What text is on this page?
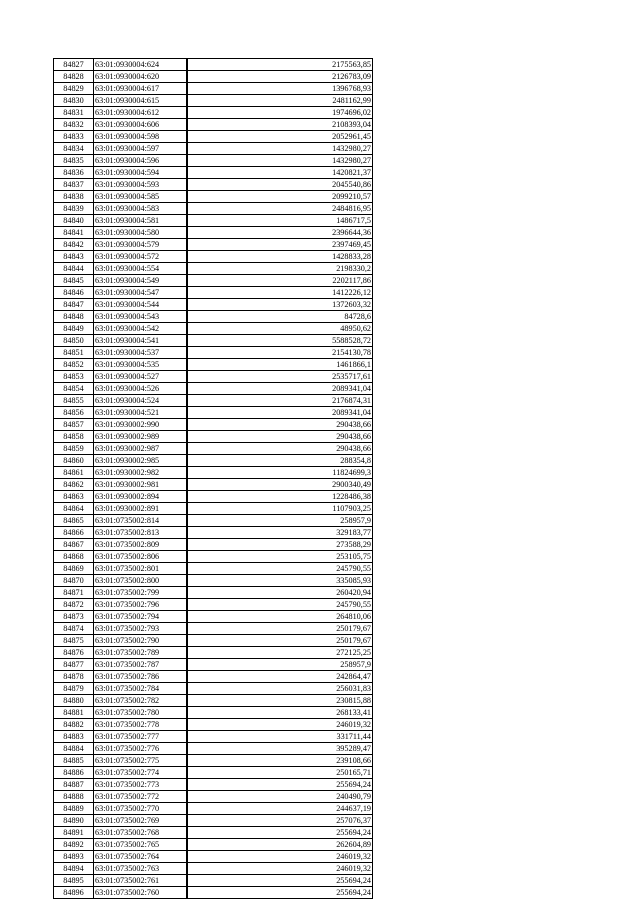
84827	63:01:0930004:624	2175563,85
84828	63:01:0930004:620	2126783,09
84829	63:01:0930004:617	1396768,93
84830	63:01:0930004:615	2481162,99
84831	63:01:0930004:612	1974696,02
84832	63:01:0930004:606	2108393,04
84833	63:01:0930004:598	2052961,45
84834	63:01:0930004:597	1432980,27
84835	63:01:0930004:596	1432980,27
84836	63:01:0930004:594	1420821,37
84837	63:01:0930004:593	2045540,86
84838	63:01:0930004:585	2099210,57
84839	63:01:0930004:583	2484816,95
84840	63:01:0930004:581	1486717,5
84841	63:01:0930004:580	2396644,36
84842	63:01:0930004:579	2397469,45
84843	63:01:0930004:572	1428833,28
84844	63:01:0930004:554	2198330,2
84845	63:01:0930004:549	2202117,86
84846	63:01:0930004:547	1412226,12
84847	63:01:0930004:544	1372603,32
84848	63:01:0930004:543	84728,6
84849	63:01:0930004:542	48950,62
84850	63:01:0930004:541	5588528,72
84851	63:01:0930004:537	2154130,78
84852	63:01:0930004:535	1461866,1
84853	63:01:0930004:527	2535717,61
84854	63:01:0930004:526	2089341,04
84855	63:01:0930004:524	2176874,31
84856	63:01:0930004:521	2089341,04
84857	63:01:0930002:990	290438,66
84858	63:01:0930002:989	290438,66
84859	63:01:0930002:987	290438,66
84860	63:01:0930002:985	288354,8
84861	63:01:0930002:982	11824699,3
84862	63:01:0930002:981	2900340,49
84863	63:01:0930002:894	1228486,38
84864	63:01:0930002:891	1107903,25
84865	63:01:0735002:814	258957,9
84866	63:01:0735002:813	329183,77
84867	63:01:0735002:809	273588,29
84868	63:01:0735002:806	253105,75
84869	63:01:0735002:801	245790,55
84870	63:01:0735002:800	335085,93
84871	63:01:0735002:799	260420,94
84872	63:01:0735002:796	245790,55
84873	63:01:0735002:794	264810,06
84874	63:01:0735002:793	250179,67
84875	63:01:0735002:790	250179,67
84876	63:01:0735002:789	272125,25
84877	63:01:0735002:787	258957,9
84878	63:01:0735002:786	242864,47
84879	63:01:0735002:784	256031,83
84880	63:01:0735002:782	230815,88
84881	63:01:0735002:780	268133,41
84882	63:01:0735002:778	246019,32
84883	63:01:0735002:777	331711,44
84884	63:01:0735002:776	395289,47
84885	63:01:0735002:775	239108,66
84886	63:01:0735002:774	250165,71
84887	63:01:0735002:773	255694,24
84888	63:01:0735002:772	240490,79
84889	63:01:0735002:770	244637,19
84890	63:01:0735002:769	257076,37
84891	63:01:0735002:768	255694,24
84892	63:01:0735002:765	262604,89
84893	63:01:0735002:764	246019,32
84894	63:01:0735002:763	246019,32
84895	63:01:0735002:761	255694,24
84896	63:01:0735002:760	255694,24
